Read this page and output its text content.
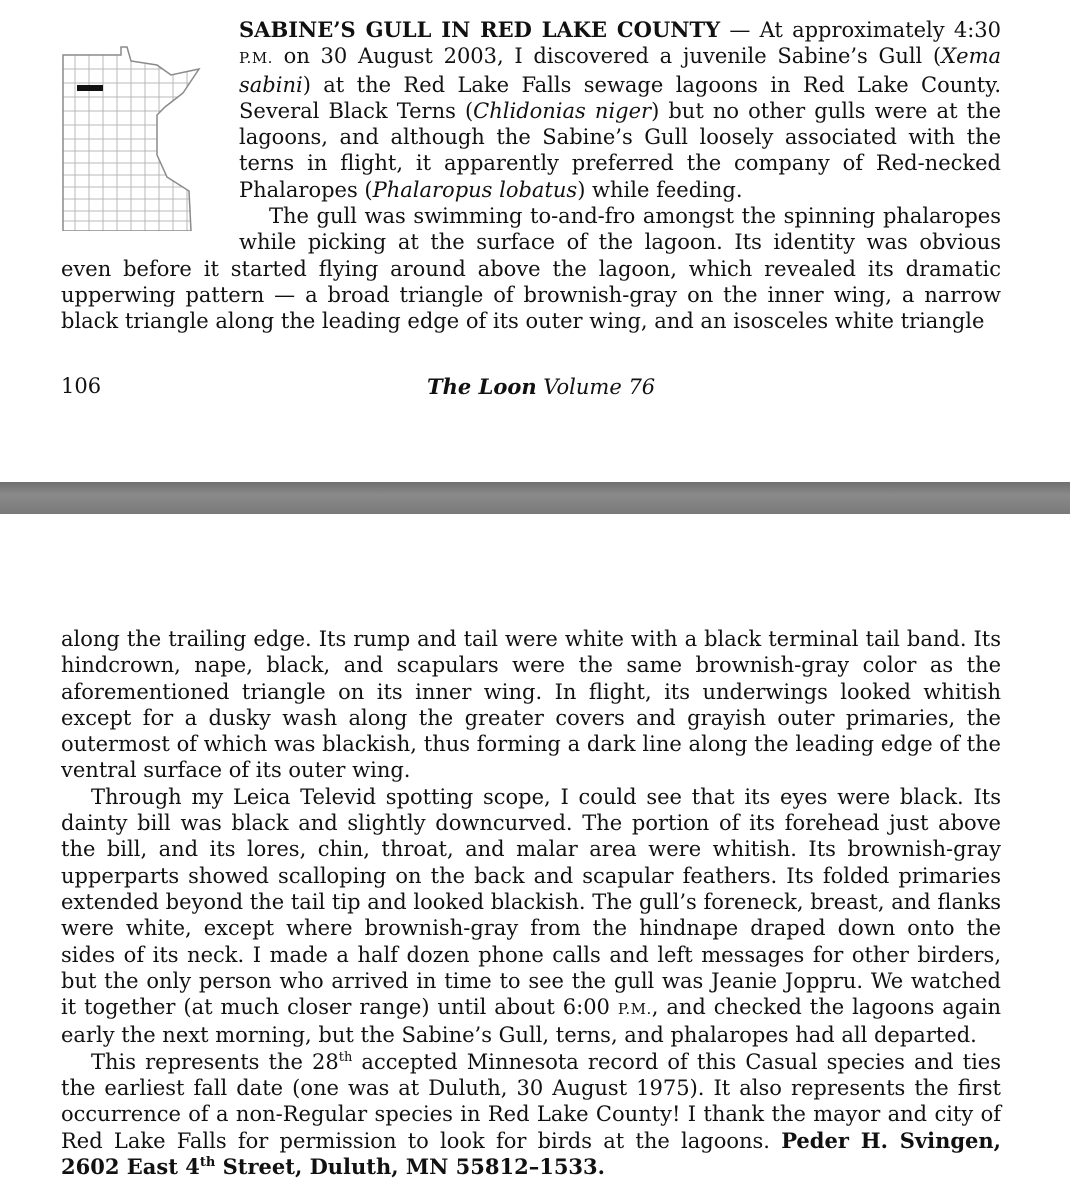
SABINE’S GULL IN RED LAKE COUNTY — At approximately 4:30 P.M. on 30 August 2003, I discovered a juvenile Sabine’s Gull (Xema sabini) at the Red Lake Falls sewage lagoons in Red Lake County. Several Black Terns (Chlidonias niger) but no other gulls were at the lagoons, and although the Sabine’s Gull loosely associated with the terns in flight, it apparently preferred the company of Red-necked Phalaropes (Phalaropus lobatus) while feeding.

The gull was swimming to-and-fro amongst the spinning phalaropes while picking at the surface of the lagoon. Its identity was obvious even before it started flying around above the lagoon, which revealed its dramatic upperwing pattern — a broad triangle of brownish-gray on the inner wing, a narrow black triangle along the leading edge of its outer wing, and an isosceles white triangle

106	The Loon Volume 76

along the trailing edge. Its rump and tail were white with a black terminal tail band. Its hindcrown, nape, black, and scapulars were the same brownish-gray color as the aforementioned triangle on its inner wing. In flight, its underwings looked whitish except for a dusky wash along the greater covers and grayish outer primaries, the outermost of which was blackish, thus forming a dark line along the leading edge of the ventral surface of its outer wing.

Through my Leica Televid spotting scope, I could see that its eyes were black. Its dainty bill was black and slightly downcurved. The portion of its forehead just above the bill, and its lores, chin, throat, and malar area were whitish. Its brownish-gray upperparts showed scalloping on the back and scapular feathers. Its folded primaries extended beyond the tail tip and looked blackish. The gull’s foreneck, breast, and flanks were white, except where brownish-gray from the hindnape draped down onto the sides of its neck. I made a half dozen phone calls and left messages for other birders, but the only person who arrived in time to see the gull was Jeanie Joppru. We watched it together (at much closer range) until about 6:00 P.M., and checked the lagoons again early the next morning, but the Sabine’s Gull, terns, and phalaropes had all departed.

This represents the 28th accepted Minnesota record of this Casual species and ties the earliest fall date (one was at Duluth, 30 August 1975). It also represents the first occurrence of a non-Regular species in Red Lake County! I thank the mayor and city of Red Lake Falls for permission to look for birds at the lagoons. Peder H. Svingen, 2602 East 4th Street, Duluth, MN 55812–1533.
